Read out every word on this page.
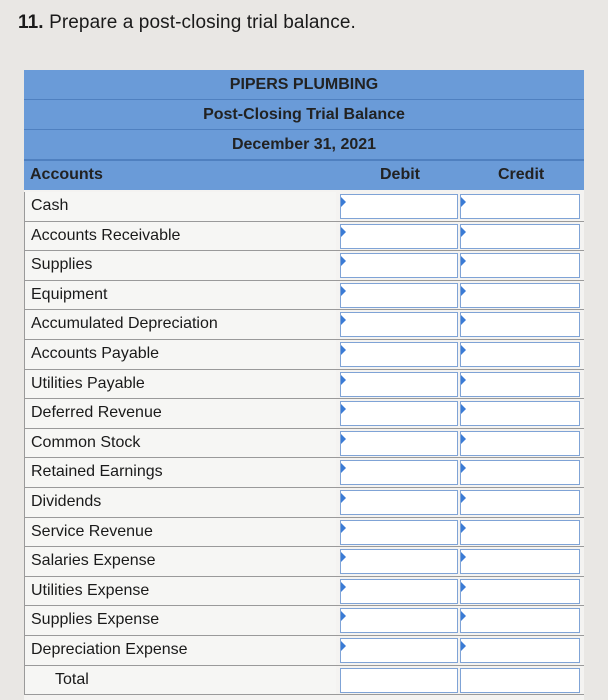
11. Prepare a post-closing trial balance.
PIPERS PLUMBING
Post-Closing Trial Balance
December 31, 2021
Accounts	Debit	Credit
Cash
Accounts Receivable
Supplies
Equipment
Accumulated Depreciation
Accounts Payable
Utilities Payable
Deferred Revenue
Common Stock
Retained Earnings
Dividends
Service Revenue
Salaries Expense
Utilities Expense
Supplies Expense
Depreciation Expense
Total
